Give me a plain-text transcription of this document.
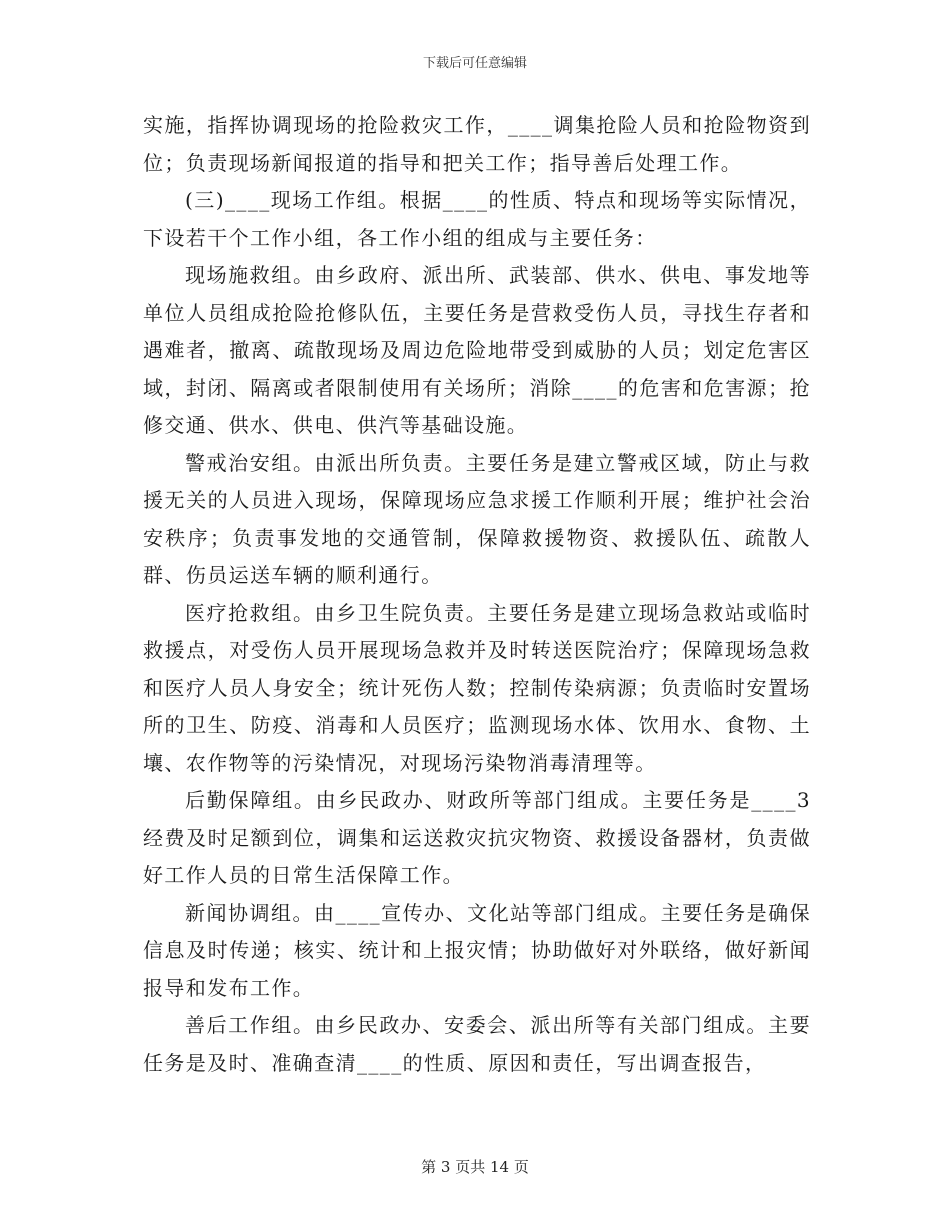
下载后可任意编辑

实施，指挥协调现场的抢险救灾工作，____调集抢险人员和抢险物资到位；负责现场新闻报道的指导和把关工作；指导善后处理工作。

(三)____现场工作组。根据____的性质、特点和现场等实际情况，下设若干个工作小组，各工作小组的组成与主要任务：

现场施救组。由乡政府、派出所、武装部、供水、供电、事发地等单位人员组成抢险抢修队伍，主要任务是营救受伤人员，寻找生存者和遇难者，撤离、疏散现场及周边危险地带受到威胁的人员；划定危害区域，封闭、隔离或者限制使用有关场所；消除____的危害和危害源；抢修交通、供水、供电、供汽等基础设施。

警戒治安组。由派出所负责。主要任务是建立警戒区域，防止与救援无关的人员进入现场，保障现场应急求援工作顺利开展；维护社会治安秩序；负责事发地的交通管制，保障救援物资、救援队伍、疏散人群、伤员运送车辆的顺利通行。

医疗抢救组。由乡卫生院负责。主要任务是建立现场急救站或临时救援点，对受伤人员开展现场急救并及时转送医院治疗；保障现场急救和医疗人员人身安全；统计死伤人数；控制传染病源；负责临时安置场所的卫生、防疫、消毒和人员医疗；监测现场水体、饮用水、食物、土壤、农作物等的污染情况，对现场污染物消毒清理等。

后勤保障组。由乡民政办、财政所等部门组成。主要任务是____3经费及时足额到位，调集和运送救灾抗灾物资、救援设备器材，负责做好工作人员的日常生活保障工作。

新闻协调组。由____宣传办、文化站等部门组成。主要任务是确保信息及时传递；核实、统计和上报灾情；协助做好对外联络，做好新闻报导和发布工作。

善后工作组。由乡民政办、安委会、派出所等有关部门组成。主要任务是及时、准确查清____的性质、原因和责任，写出调查报告，

第 3 页共 14 页
